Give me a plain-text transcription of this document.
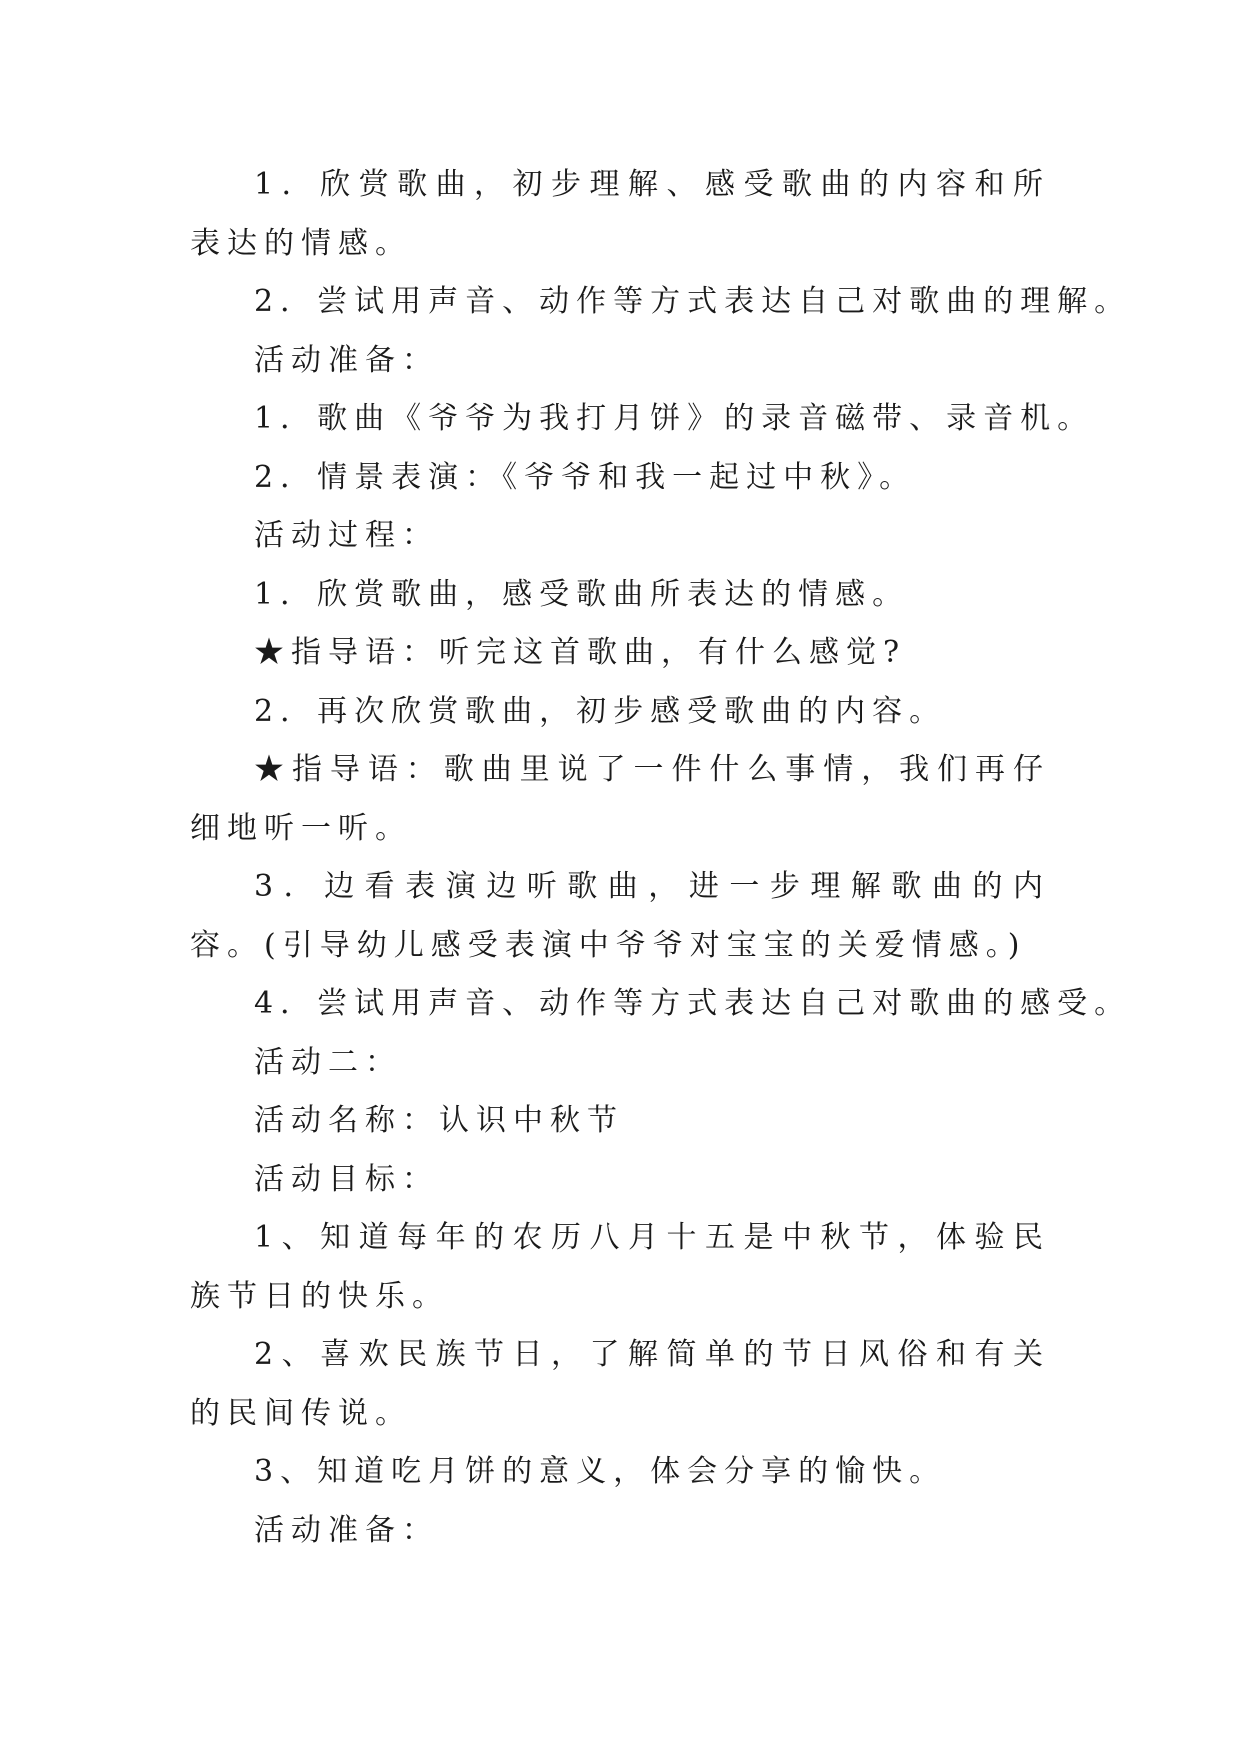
1．欣赏歌曲，初步理解、感受歌曲的内容和所表达的情感。

2．尝试用声音、动作等方式表达自己对歌曲的理解。

活动准备：

1．歌曲《爷爷为我打月饼》的录音磁带、录音机。

2．情景表演：《爷爷和我一起过中秋》。

活动过程：

1．欣赏歌曲，感受歌曲所表达的情感。

★指导语：听完这首歌曲，有什么感觉?

2．再次欣赏歌曲，初步感受歌曲的内容。

★指导语：歌曲里说了一件什么事情，我们再仔细地听一听。

3．边看表演边听歌曲，进一步理解歌曲的内容。(引导幼儿感受表演中爷爷对宝宝的关爱情感。)

4．尝试用声音、动作等方式表达自己对歌曲的感受。

活动二：

活动名称：认识中秋节

活动目标：

1、知道每年的农历八月十五是中秋节，体验民族节日的快乐。

2、喜欢民族节日，了解简单的节日风俗和有关的民间传说。

3、知道吃月饼的意义，体会分享的愉快。

活动准备：
